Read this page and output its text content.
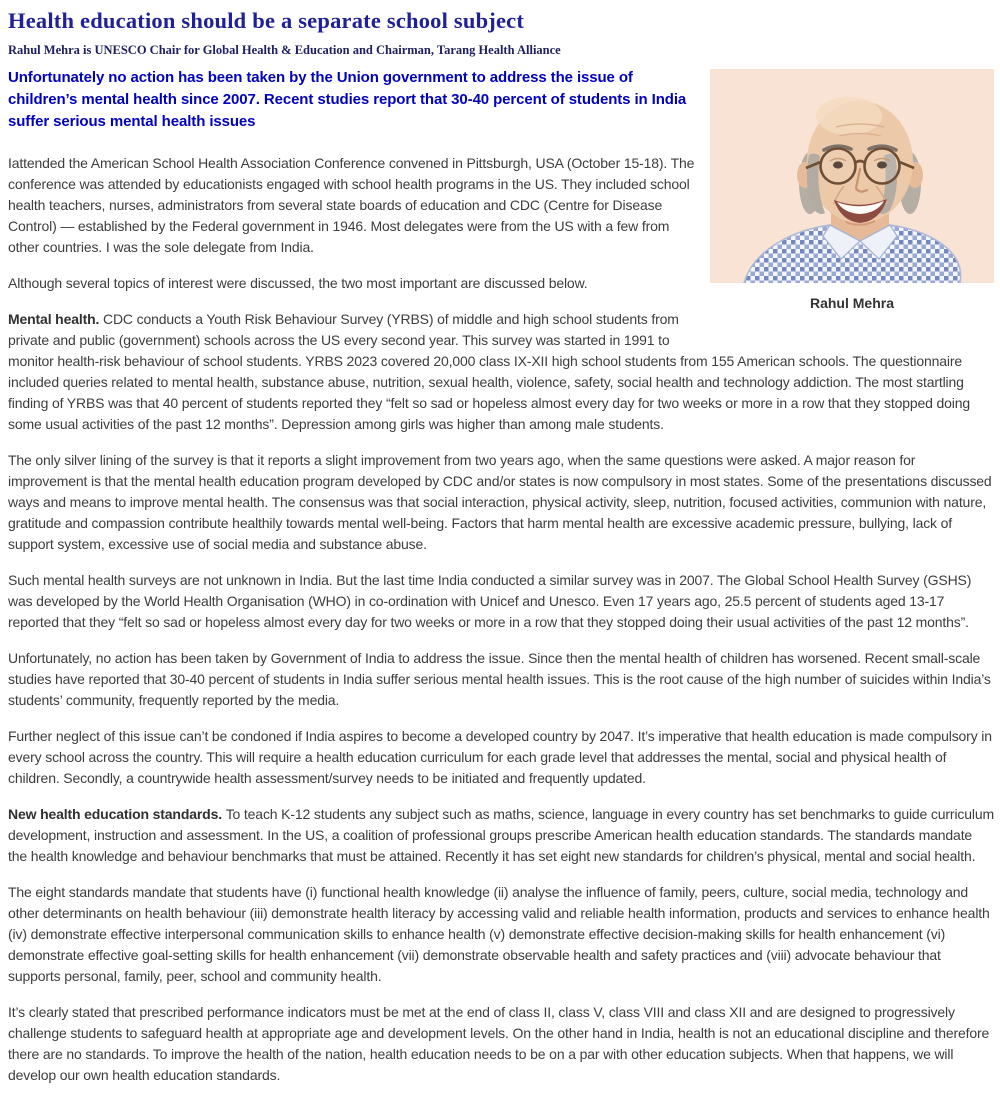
Health education should be a separate school subject
Rahul Mehra is UNESCO Chair for Global Health & Education and Chairman, Tarang Health Alliance
Rahul Mehra

Unfortunately no action has been taken by the Union government to address the issue of children’s mental health since 2007. Recent studies report that 30-40 percent of students in India suffer serious mental health issues

Iattended the American School Health Association Conference convened in Pittsburgh, USA (October 15-18). The conference was attended by educationists engaged with school health programs in the US. They included school health teachers, nurses, administrators from several state boards of education and CDC (Centre for Disease Control) — established by the Federal government in 1946. Most delegates were from the US with a few from other countries. I was the sole delegate from India.

Although several topics of interest were discussed, the two most important are discussed below.

Mental health. CDC conducts a Youth Risk Behaviour Survey (YRBS) of middle and high school students from private and public (government) schools across the US every second year. This survey was started in 1991 to monitor health-risk behaviour of school students. YRBS 2023 covered 20,000 class IX-XII high school students from 155 American schools. The questionnaire included queries related to mental health, substance abuse, nutrition, sexual health, violence, safety, social health and technology addiction. The most startling finding of YRBS was that 40 percent of students reported they “felt so sad or hopeless almost every day for two weeks or more in a row that they stopped doing some usual activities of the past 12 months”. Depression among girls was higher than among male students.

The only silver lining of the survey is that it reports a slight improvement from two years ago, when the same questions were asked. A major reason for improvement is that the mental health education program developed by CDC and/or states is now compulsory in most states. Some of the presentations discussed ways and means to improve mental health. The consensus was that social interaction, physical activity, sleep, nutrition, focused activities, communion with nature, gratitude and compassion contribute healthily towards mental well-being. Factors that harm mental health are excessive academic pressure, bullying, lack of support system, excessive use of social media and substance abuse.

Such mental health surveys are not unknown in India. But the last time India conducted a similar survey was in 2007. The Global School Health Survey (GSHS) was developed by the World Health Organisation (WHO) in co-ordination with Unicef and Unesco. Even 17 years ago, 25.5 percent of students aged 13-17 reported that they “felt so sad or hopeless almost every day for two weeks or more in a row that they stopped doing their usual activities of the past 12 months”.

Unfortunately, no action has been taken by Government of India to address the issue. Since then the mental health of children has worsened. Recent small-scale studies have reported that 30-40 percent of students in India suffer serious mental health issues. This is the root cause of the high number of suicides within India’s students’ community, frequently reported by the media.

Further neglect of this issue can’t be condoned if India aspires to become a developed country by 2047. It’s imperative that health education is made compulsory in every school across the country. This will require a health education curriculum for each grade level that addresses the mental, social and physical health of children. Secondly, a countrywide health assessment/survey needs to be initiated and frequently updated.

New health education standards. To teach K-12 students any subject such as maths, science, language in every country has set benchmarks to guide curriculum development, instruction and assessment. In the US, a coalition of professional groups prescribe American health education standards. The standards mandate the health knowledge and behaviour benchmarks that must be attained. Recently it has set eight new standards for children’s physical, mental and social health.

The eight standards mandate that students have (i) functional health knowledge (ii) analyse the influence of family, peers, culture, social media, technology and other determinants on health behaviour (iii) demonstrate health literacy by accessing valid and reliable health information, products and services to enhance health (iv) demonstrate effective interpersonal communication skills to enhance health (v) demonstrate effective decision-making skills for health enhancement (vi) demonstrate effective goal-setting skills for health enhancement (vii) demonstrate observable health and safety practices and (viii) advocate behaviour that supports personal, family, peer, school and community health.

It’s clearly stated that prescribed performance indicators must be met at the end of class II, class V, class VIII and class XII and are designed to progressively challenge students to safeguard health at appropriate age and development levels. On the other hand in India, health is not an educational discipline and therefore there are no standards. To improve the health of the nation, health education needs to be on a par with other education subjects. When that happens, we will develop our own health education standards.
